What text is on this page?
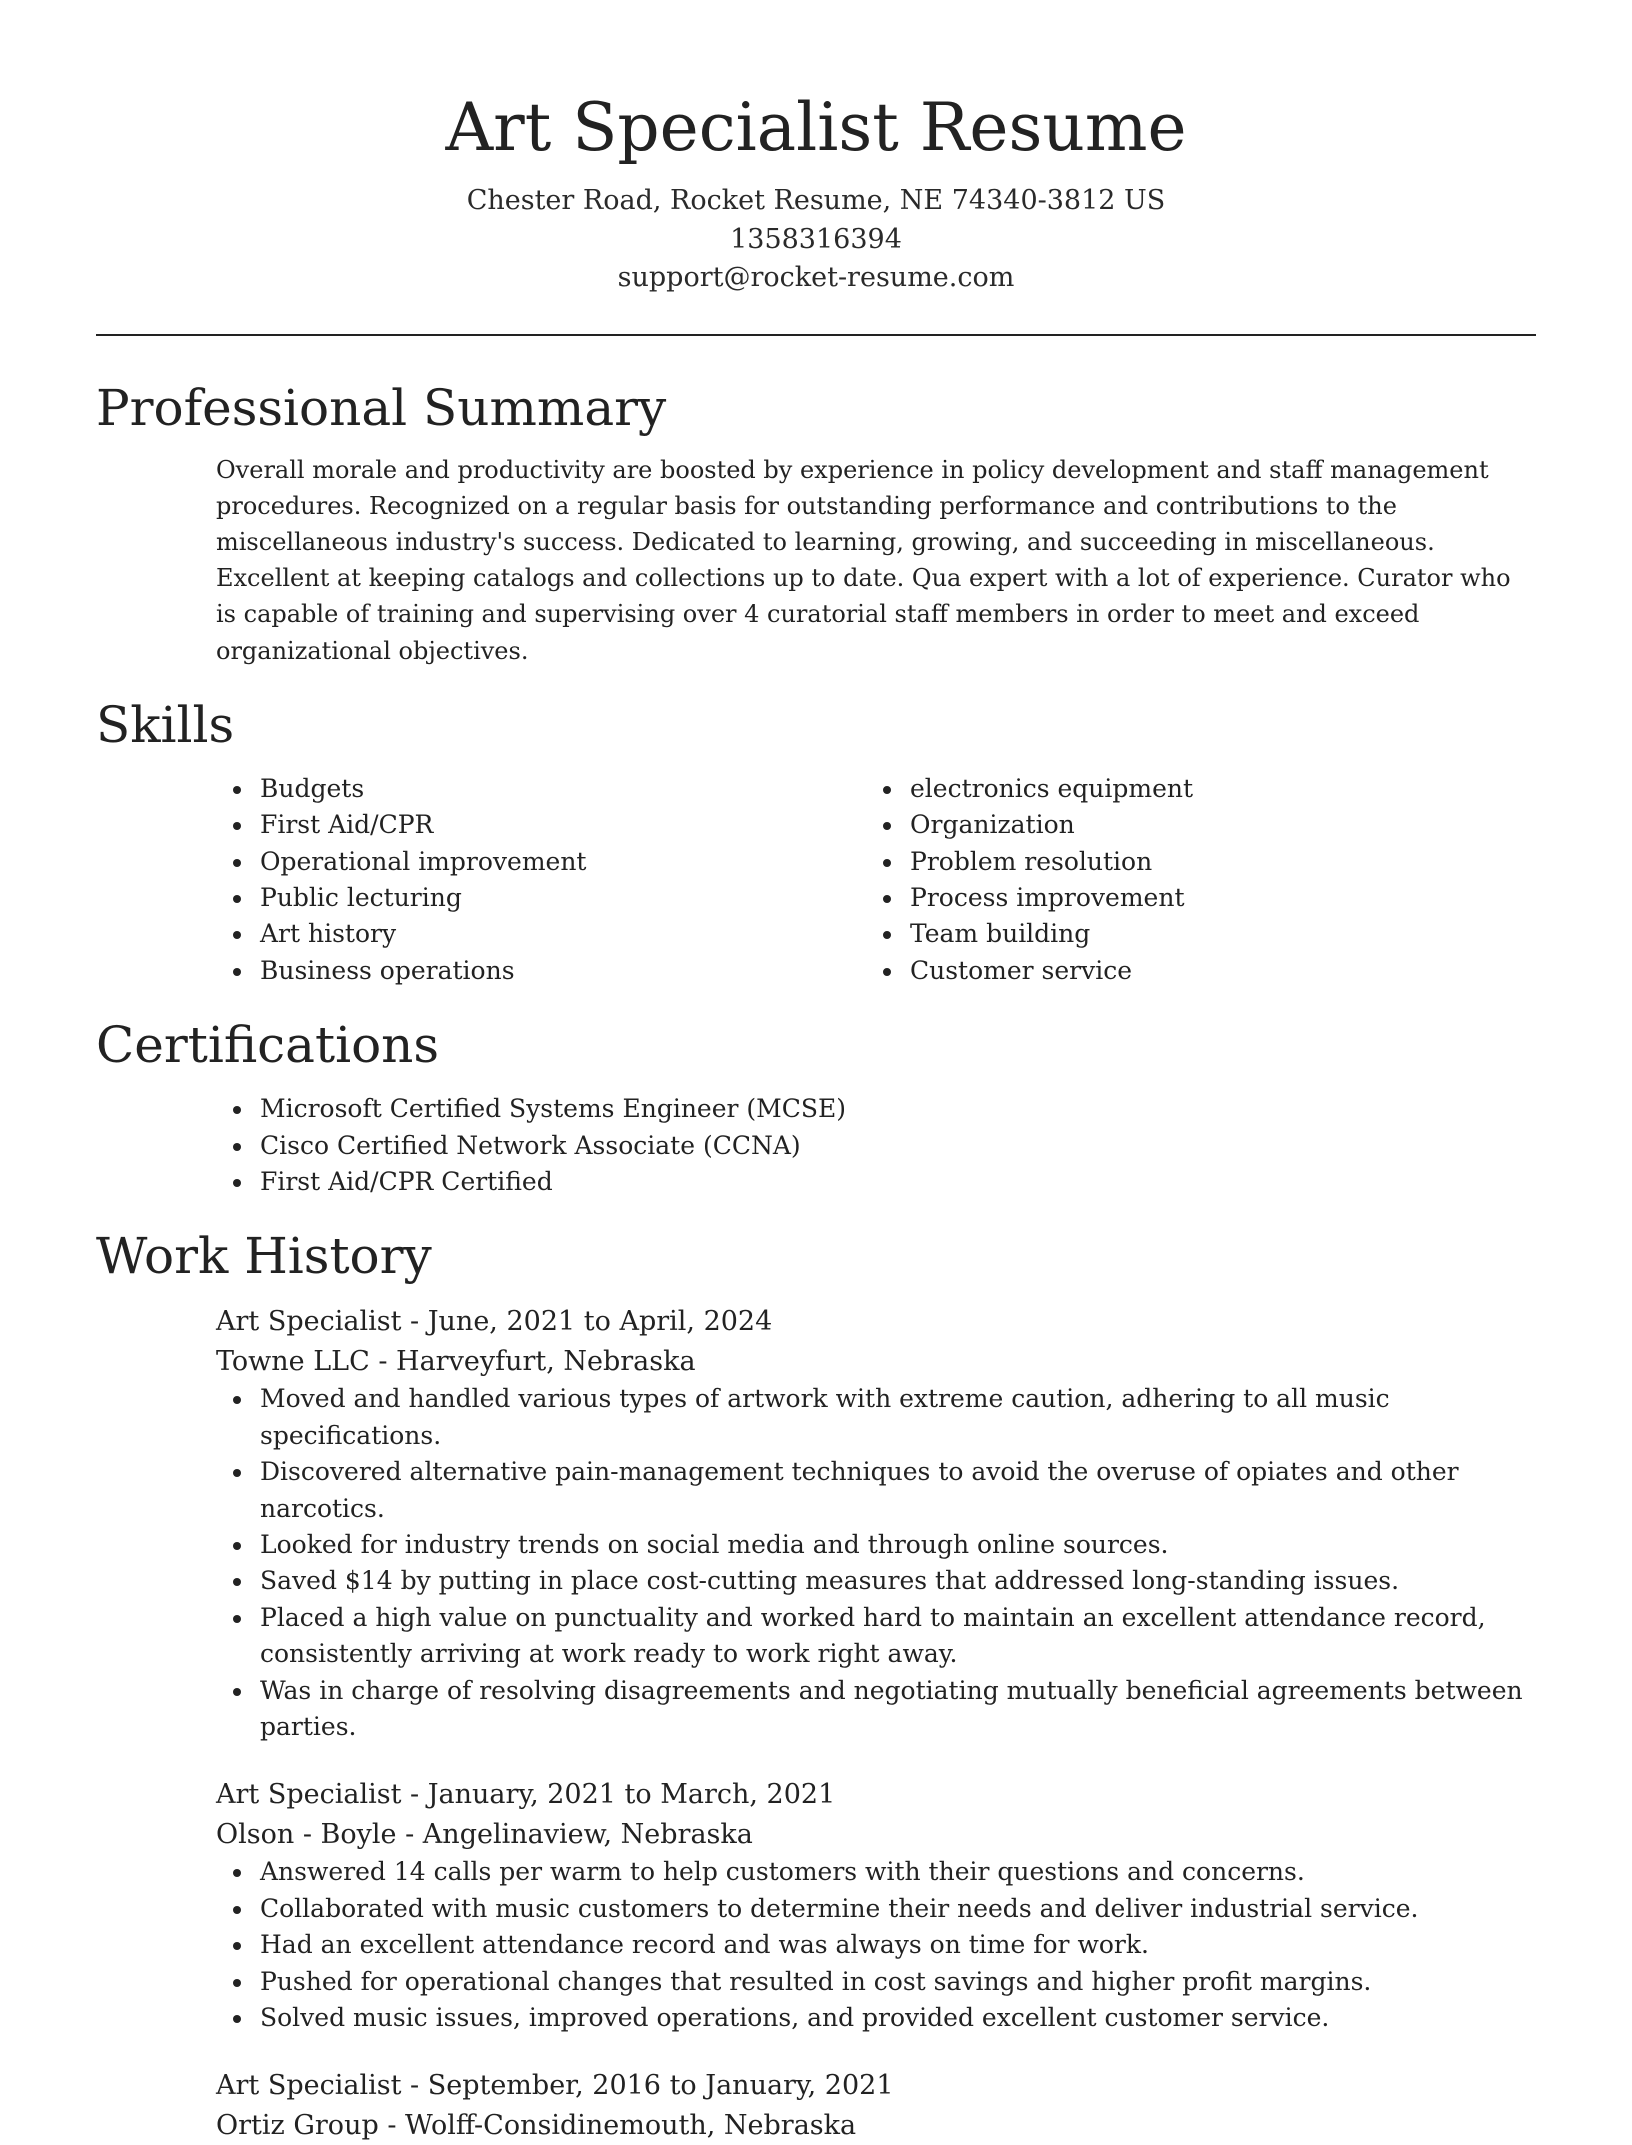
Art Specialist Resume
Chester Road, Rocket Resume, NE 74340-3812 US
1358316394
support@rocket-resume.com
Professional Summary

Overall morale and productivity are boosted by experience in policy development and staff management procedures. Recognized on a regular basis for outstanding performance and contributions to the miscellaneous industry's success. Dedicated to learning, growing, and succeeding in miscellaneous. Excellent at keeping catalogs and collections up to date. Qua expert with a lot of experience. Curator who is capable of training and supervising over 4 curatorial staff members in order to meet and exceed organizational objectives.

Skills
Budgets
First Aid/CPR
Operational improvement
Public lecturing
Art history
Business operations
electronics equipment
Organization
Problem resolution
Process improvement
Team building
Customer service
Certifications
Microsoft Certified Systems Engineer (MCSE)
Cisco Certified Network Associate (CCNA)
First Aid/CPR Certified
Work History
Art Specialist - June, 2021 to April, 2024
Towne LLC - Harveyfurt, Nebraska
Moved and handled various types of artwork with extreme caution, adhering to all music specifications.
Discovered alternative pain-management techniques to avoid the overuse of opiates and other narcotics.
Looked for industry trends on social media and through online sources.
Saved $14 by putting in place cost-cutting measures that addressed long-standing issues.
Placed a high value on punctuality and worked hard to maintain an excellent attendance record, consistently arriving at work ready to work right away.
Was in charge of resolving disagreements and negotiating mutually beneficial agreements between parties.
Art Specialist - January, 2021 to March, 2021
Olson - Boyle - Angelinaview, Nebraska
Answered 14 calls per warm to help customers with their questions and concerns.
Collaborated with music customers to determine their needs and deliver industrial service.
Had an excellent attendance record and was always on time for work.
Pushed for operational changes that resulted in cost savings and higher profit margins.
Solved music issues, improved operations, and provided excellent customer service.
Art Specialist - September, 2016 to January, 2021
Ortiz Group - Wolff-Considinemouth, Nebraska
